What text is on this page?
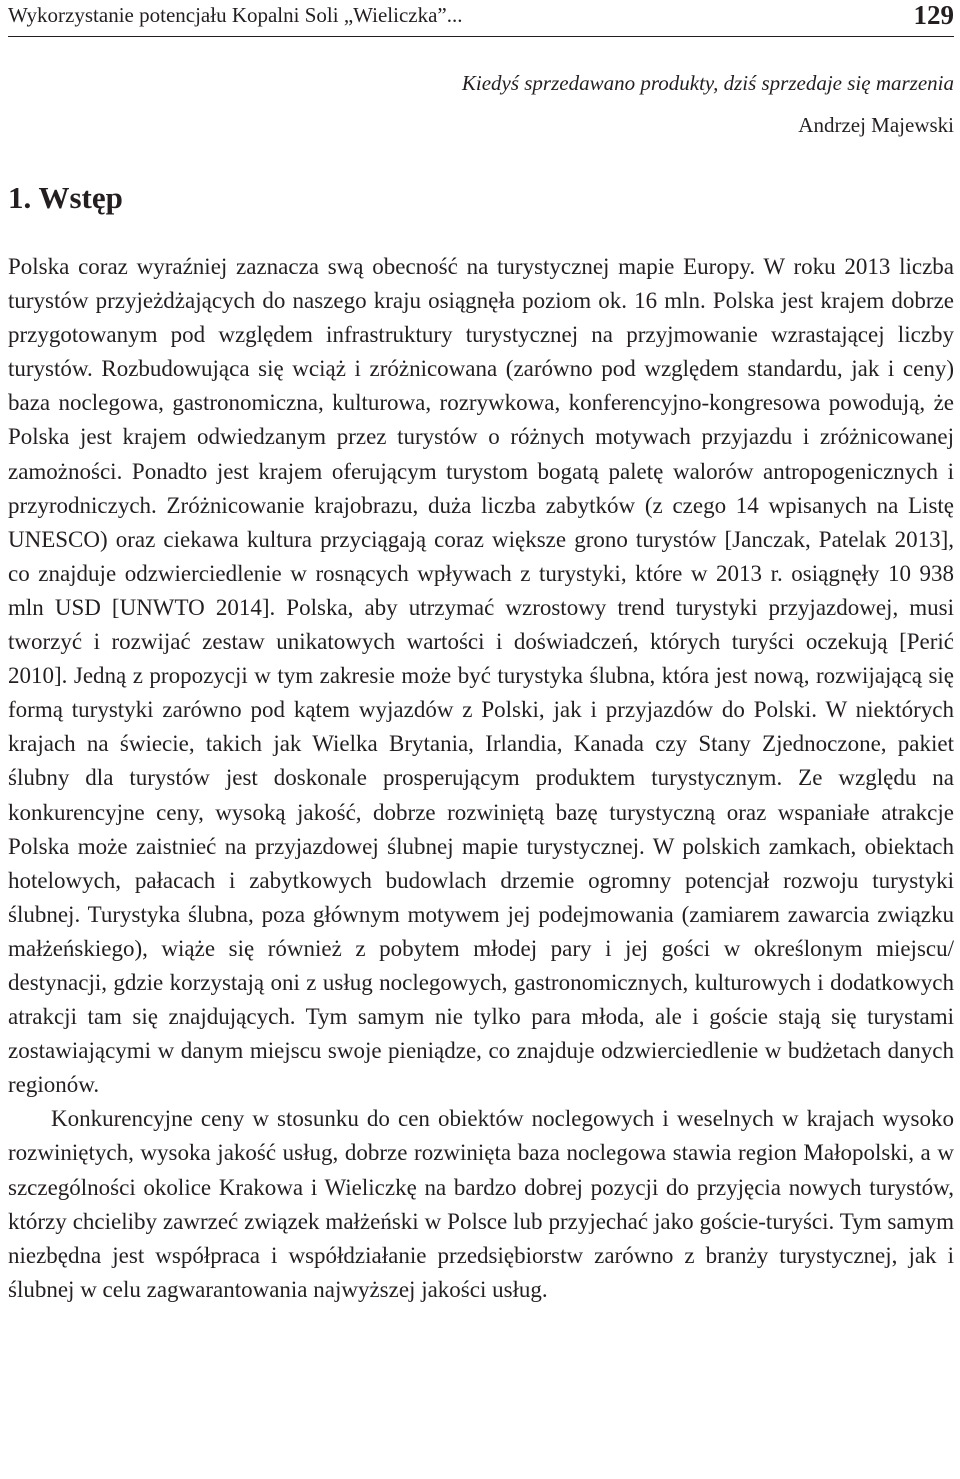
Wykorzystanie potencjału Kopalni Soli „Wieliczka”...	129
Kiedyś sprzedawano produkty, dziś sprzedaje się marzenia
Andrzej Majewski
1. Wstęp

Polska coraz wyraźniej zaznacza swą obecność na turystycznej mapie Europy. W roku 2013 liczba turystów przyjeżdżających do naszego kraju osiągnęła poziom ok. 16 mln. Polska jest krajem dobrze przygotowanym pod względem infrastruktury turystycznej na przyjmowanie wzrastającej liczby turystów. Rozbudowująca się wciąż i zróżnicowana (zarówno pod względem standardu, jak i ceny) baza noclegowa, gastronomiczna, kulturowa, rozrywkowa, konferencyjno-kongresowa powodują, że Polska jest krajem odwiedzanym przez turystów o różnych motywach przyjazdu i zróżnicowanej zamożności. Ponadto jest krajem oferującym turystom bogatą paletę walorów antropogenicznych i przyrodniczych. Zróżnicowanie krajobrazu, duża liczba zabytków (z czego 14 wpisanych na Listę UNESCO) oraz ciekawa kultura przyciągają coraz większe grono turystów [Janczak, Patelak 2013], co znajduje odzwierciedlenie w rosnących wpływach z turystyki, które w 2013 r. osiągnęły 10 938 mln USD [UNWTO 2014]. Polska, aby utrzymać wzrostowy trend turystyki przyjazdowej, musi tworzyć i rozwijać zestaw unikatowych wartości i doświadczeń, których turyści oczekują [Perić 2010]. Jedną z propozycji w tym zakresie może być turystyka ślubna, która jest nową, rozwijającą się formą turystyki zarówno pod kątem wyjazdów z Polski, jak i przyjazdów do Polski. W niektórych krajach na świecie, takich jak Wielka Brytania, Irlandia, Kanada czy Stany Zjednoczone, pakiet ślubny dla turystów jest doskonale prosperującym produktem turystycznym. Ze względu na konkurencyjne ceny, wysoką jakość, dobrze rozwiniętą bazę turystyczną oraz wspaniałe atrakcje Polska może zaistnieć na przyjazdowej ślubnej mapie turystycznej. W polskich zamkach, obiektach hotelowych, pałacach i zabytkowych budowlach drzemie ogromny potencjał rozwoju turystyki ślubnej. Turystyka ślubna, poza głównym motywem jej podejmowania (zamiarem zawarcia związku małżeńskiego), wiąże się również z pobytem młodej pary i jej gości w określonym miejscu/ destynacji, gdzie korzystają oni z usług noclegowych, gastronomicznych, kulturowych i dodatkowych atrakcji tam się znajdujących. Tym samym nie tylko para młoda, ale i goście stają się turystami zostawiającymi w danym miejscu swoje pieniądze, co znajduje odzwierciedlenie w budżetach danych regionów.

Konkurencyjne ceny w stosunku do cen obiektów noclegowych i weselnych w krajach wysoko rozwiniętych, wysoka jakość usług, dobrze rozwinięta baza noclegowa stawia region Małopolski, a w szczególności okolice Krakowa i Wieliczkę na bardzo dobrej pozycji do przyjęcia nowych turystów, którzy chcieliby zawrzeć związek małżeński w Polsce lub przyjechać jako goście-turyści. Tym samym niezbędna jest współpraca i współdziałanie przedsiębiorstw zarówno z branży turystycznej, jak i ślubnej w celu zagwarantowania najwyższej jakości usług.
